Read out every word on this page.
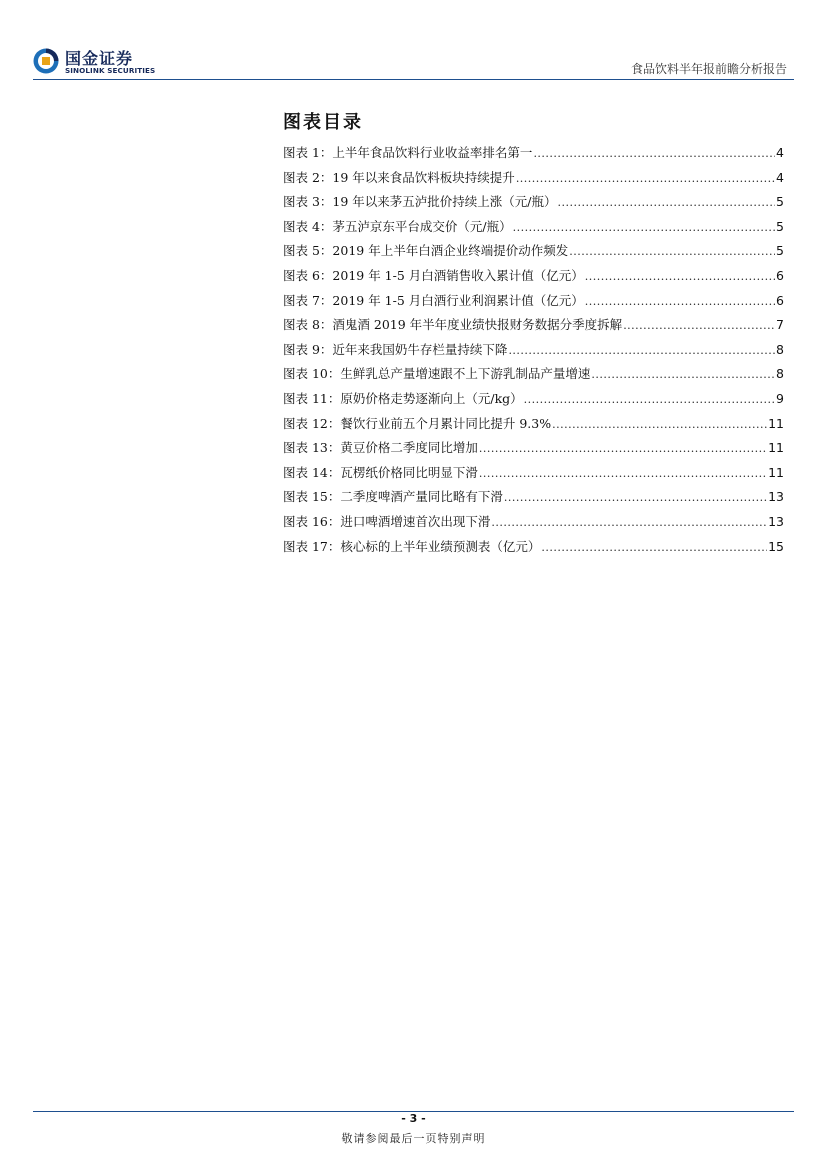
国金证券
SINOLINK SECURITIES	食品饮料半年报前瞻分析报告
图表目录
图表 1：上半年食品饮料行业收益率排名第一 .....	4
图表 2：19 年以来食品饮料板块持续提升 .....	4
图表 3：19 年以来茅五泸批价持续上涨（元/瓶） .....	5
图表 4：茅五泸京东平台成交价（元/瓶） .....	5
图表 5：2019 年上半年白酒企业终端提价动作频发 .....	5
图表 6：2019 年 1-5 月白酒销售收入累计值（亿元） .....	6
图表 7：2019 年 1-5 月白酒行业利润累计值（亿元） .....	6
图表 8：酒鬼酒 2019 年半年度业绩快报财务数据分季度拆解 .....	7
图表 9：近年来我国奶牛存栏量持续下降 .....	8
图表 10：生鲜乳总产量增速跟不上下游乳制品产量增速 .....	8
图表 11：原奶价格走势逐渐向上（元/kg） .....	9
图表 12：餐饮行业前五个月累计同比提升 9.3% .....	11
图表 13：黄豆价格二季度同比增加 .....	11
图表 14：瓦楞纸价格同比明显下滑 .....	11
图表 15：二季度啤酒产量同比略有下滑 .....	13
图表 16：进口啤酒增速首次出现下滑 .....	13
图表 17：核心标的上半年业绩预测表（亿元） .....	15
- 3 -
敬请参阅最后一页特别声明
